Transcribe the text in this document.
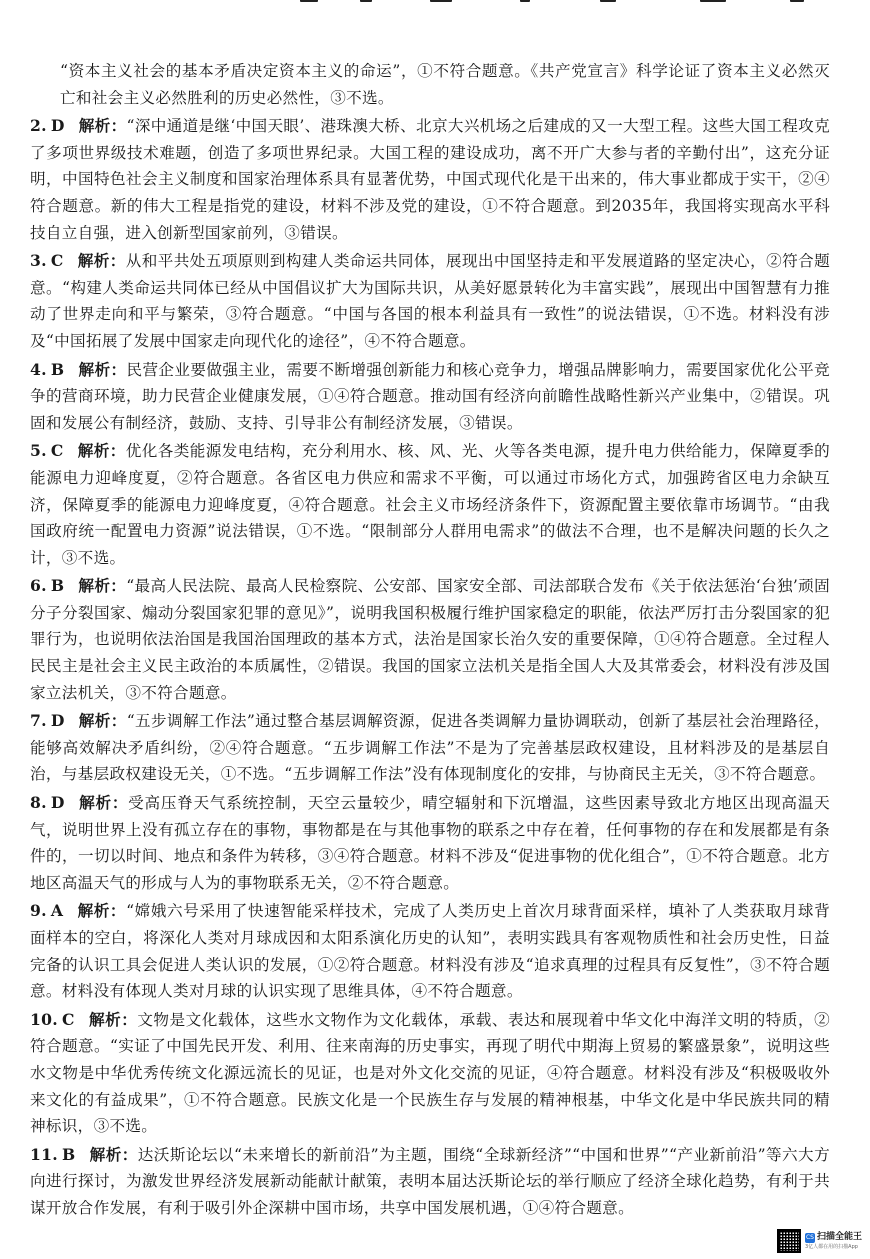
“资本主义社会的基本矛盾决定资本主义的命运”，①不符合题意。《共产党宣言》科学论证了资本主义必然灭亡和社会主义必然胜利的历史必然性，③不选。
2. D 解析：“深中通道是继‘中国天眼’、港珠澳大桥、北京大兴机场之后建成的又一大型工程。这些大国工程攻克了多项世界级技术难题，创造了多项世界纪录。大国工程的建设成功，离不开广大参与者的辛勤付出”，这充分证明，中国特色社会主义制度和国家治理体系具有显著优势，中国式现代化是干出来的，伟大事业都成于实干，②④符合题意。新的伟大工程是指党的建设，材料不涉及党的建设，①不符合题意。到2035年，我国将实现高水平科技自立自强，进入创新型国家前列，③错误。
3. C 解析：从和平共处五项原则到构建人类命运共同体，展现出中国坚持走和平发展道路的坚定决心，②符合题意。“构建人类命运共同体已经从中国倡议扩大为国际共识，从美好愿景转化为丰富实践”，展现出中国智慧有力推动了世界走向和平与繁荣，③符合题意。“中国与各国的根本利益具有一致性”的说法错误，①不选。材料没有涉及“中国拓展了发展中国家走向现代化的途径”，④不符合题意。
4. B 解析：民营企业要做强主业，需要不断增强创新能力和核心竞争力，增强品牌影响力，需要国家优化公平竞争的营商环境，助力民营企业健康发展，①④符合题意。推动国有经济向前瞻性战略性新兴产业集中，②错误。巩固和发展公有制经济，鼓励、支持、引导非公有制经济发展，③错误。
5. C 解析：优化各类能源发电结构，充分利用水、核、风、光、火等各类电源，提升电力供给能力，保障夏季的能源电力迎峰度夏，②符合题意。各省区电力供应和需求不平衡，可以通过市场化方式，加强跨省区电力余缺互济，保障夏季的能源电力迎峰度夏，④符合题意。社会主义市场经济条件下，资源配置主要依靠市场调节。“由我国政府统一配置电力资源”说法错误，①不选。“限制部分人群用电需求”的做法不合理，也不是解决问题的长久之计，③不选。
6. B 解析：“最高人民法院、最高人民检察院、公安部、国家安全部、司法部联合发布《关于依法惩治‘台独’顽固分子分裂国家、煽动分裂国家犯罪的意见》”，说明我国积极履行维护国家稳定的职能，依法严厉打击分裂国家的犯罪行为，也说明依法治国是我国治国理政的基本方式，法治是国家长治久安的重要保障，①④符合题意。全过程人民民主是社会主义民主政治的本质属性，②错误。我国的国家立法机关是指全国人大及其常委会，材料没有涉及国家立法机关，③不符合题意。
7. D 解析：“五步调解工作法”通过整合基层调解资源，促进各类调解力量协调联动，创新了基层社会治理路径，能够高效解决矛盾纠纷，②④符合题意。“五步调解工作法”不是为了完善基层政权建设，且材料涉及的是基层自治，与基层政权建设无关，①不选。“五步调解工作法”没有体现制度化的安排，与协商民主无关，③不符合题意。
8. D 解析：受高压脊天气系统控制，天空云量较少，晴空辐射和下沉增温，这些因素导致北方地区出现高温天气，说明世界上没有孤立存在的事物，事物都是在与其他事物的联系之中存在着，任何事物的存在和发展都是有条件的，一切以时间、地点和条件为转移，③④符合题意。材料不涉及“促进事物的优化组合”，①不符合题意。北方地区高温天气的形成与人为的事物联系无关，②不符合题意。
9. A 解析：“嫦娥六号采用了快速智能采样技术，完成了人类历史上首次月球背面采样，填补了人类获取月球背面样本的空白，将深化人类对月球成因和太阳系演化历史的认知”，表明实践具有客观物质性和社会历史性，日益完备的认识工具会促进人类认识的发展，①②符合题意。材料没有涉及“追求真理的过程具有反复性”，③不符合题意。材料没有体现人类对月球的认识实现了思维具体，④不符合题意。
10. C 解析：文物是文化载体，这些水文物作为文化载体，承载、表达和展现着中华文化中海洋文明的特质，②符合题意。“实证了中国先民开发、利用、往来南海的历史事实，再现了明代中期海上贸易的繁盛景象”，说明这些水文物是中华优秀传统文化源远流长的见证，也是对外文化交流的见证，④符合题意。材料没有涉及“积极吸收外来文化的有益成果”，①不符合题意。民族文化是一个民族生存与发展的精神根基，中华文化是中华民族共同的精神标识，③不选。
11. B 解析：达沃斯论坛以“未来增长的新前沿”为主题，围绕“全球新经济”“中国和世界”“产业新前沿”等六大方向进行探讨，为激发世界经济发展新动能献计献策，表明本届达沃斯论坛的举行顺应了经济全球化趋势，有利于共谋开放合作发展，有利于吸引外企深耕中国市场，共享中国发展机遇，①④符合题意。
CS 扫描全能王
3亿人都在用的扫描App
